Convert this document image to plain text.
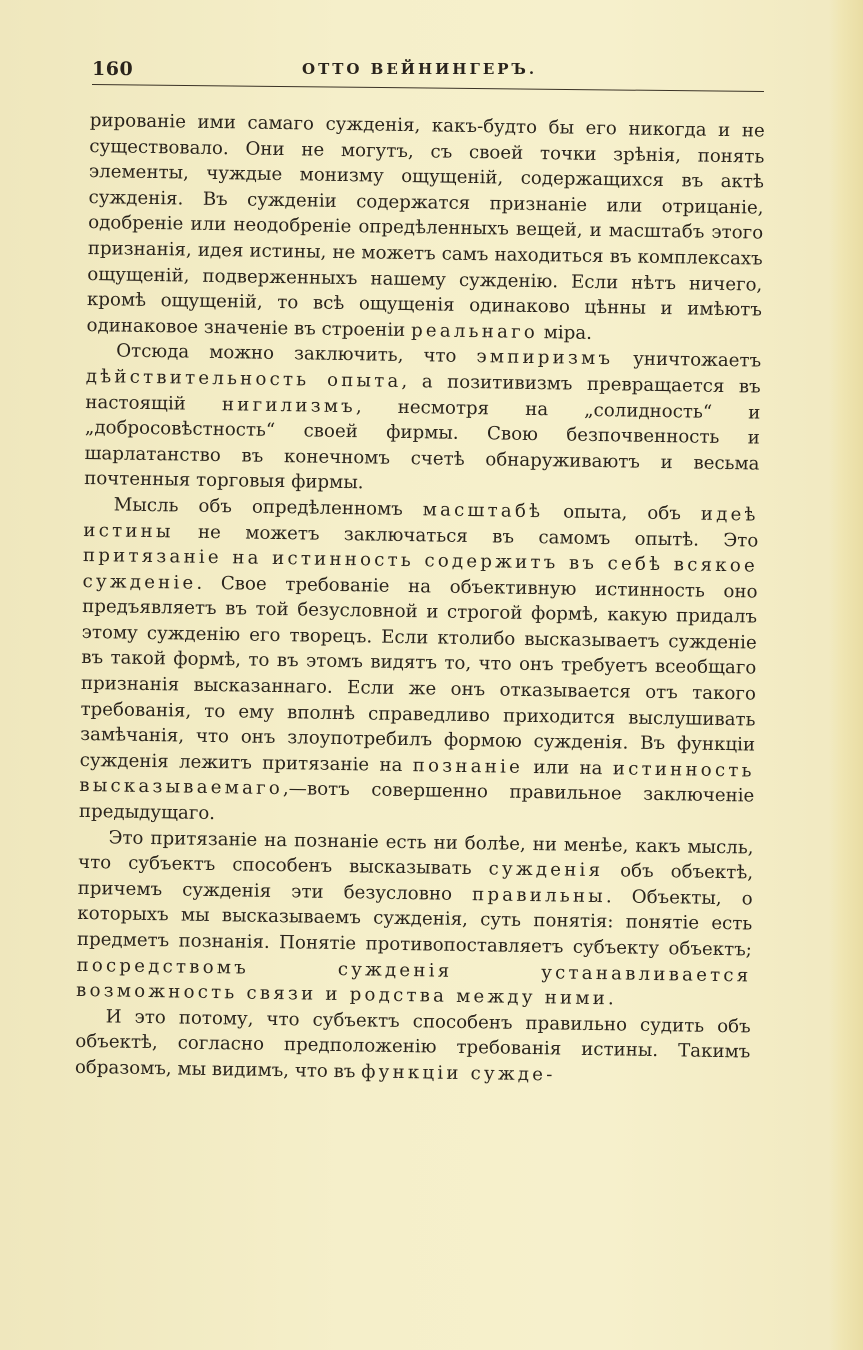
160	ОТТО ВЕЙНИНГЕРЪ.

рированіе ими самаго сужденія, какъ-будто бы его никогда и не существовало. Они не могутъ, съ своей точки зрѣнія, понять элементы, чуждые монизму ощущеній, содержащихся въ актѣ сужденія. Въ сужденіи содержатся признаніе или отрицаніе, одобреніе или неодобреніе опредѣленныхъ вещей, и масштабъ этого признанія, идея истины, не можетъ самъ находиться въ комплексахъ ощущеній, подверженныхъ нашему сужденію. Если нѣтъ ничего, кромѣ ощущеній, то всѣ ощущенія одинаково цѣнны и имѣютъ одинаковое значеніе въ строеніи реальнаго міра.

Отсюда можно заключить, что эмпиризмъ уничтожаетъ дѣйствительность опыта, а позитивизмъ превращается въ настоящій нигилизмъ, несмотря на „солидность“ и „добросовѣстность“ своей фирмы. Свою безпочвенность и шарлатанство въ конечномъ счетѣ обнаруживаютъ и весьма почтенныя торговыя фирмы.

Мысль объ опредѣленномъ масштабѣ опыта, объ идеѣ истины не можетъ заключаться въ самомъ опытѣ. Это притязаніе на истинность содержитъ въ себѣ всякое сужденіе. Свое требованіе на объективную истинность оно предъявляетъ въ той безусловной и строгой формѣ, какую придалъ этому сужденію его творецъ. Если ктолибо высказываетъ сужденіе въ такой формѣ, то въ этомъ видятъ то, что онъ требуетъ всеобщаго признанія высказаннаго. Если же онъ отказывается отъ такого требованія, то ему вполнѣ справедливо приходится выслушивать замѣчанія, что онъ злоупотребилъ формою сужденія. Въ функціи сужденія лежитъ притязаніе на познаніе или на истинность высказываемаго,—вотъ совершенно правильное заключеніе предыдущаго.

Это притязаніе на познаніе есть ни болѣе, ни менѣе, какъ мысль, что субъектъ способенъ высказывать сужденія объ объектѣ, причемъ сужденія эти безусловно правильны. Объекты, о которыхъ мы высказываемъ сужденія, суть понятія: понятіе есть предметъ познанія. Понятіе противопоставляетъ субъекту объектъ; посредствомъ сужденія устанавливается возможность связи и родства между ними.

И это потому, что субъектъ способенъ правильно судить объ объектѣ, согласно предположенію требованія истины. Такимъ образомъ, мы видимъ, что въ функціи сужде-
